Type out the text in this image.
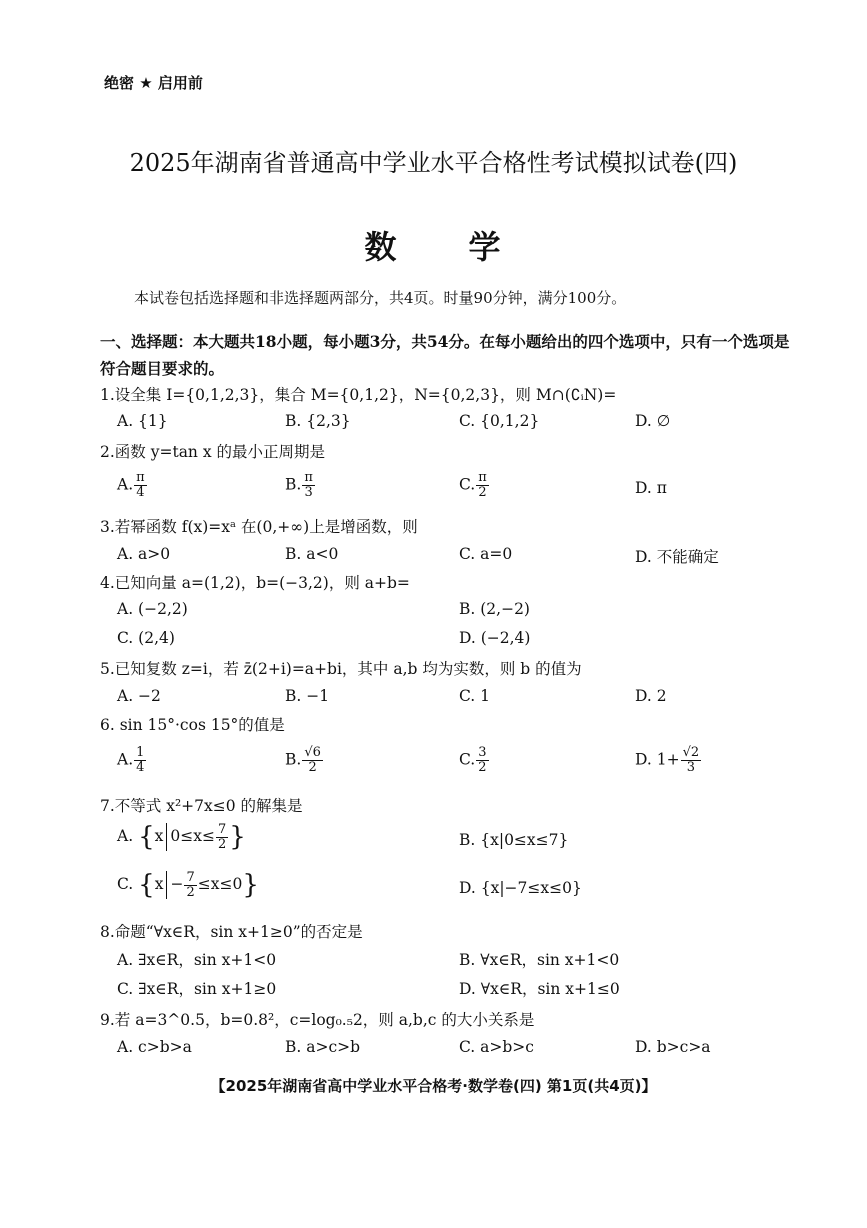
绝密 ★ 启用前
2025年湖南省普通高中学业水平合格性考试模拟试卷(四)
数 学
本试卷包括选择题和非选择题两部分，共4页。时量90分钟，满分100分。
一、选择题：本大题共18小题，每小题3分，共54分。在每小题给出的四个选项中，只有一个选项是符合题目要求的。
1.设全集 I={0,1,2,3}，集合 M={0,1,2}，N={0,2,3}，则 M∩(∁ᵢN)=
A. {1}	B. {2,3}	C. {0,1,2}	D. ∅
2.函数 y=tan x 的最小正周期是
A. $\frac{\pi}{4}$	B. $\frac{\pi}{3}$	C. $\frac{\pi}{2}$	D. π
3.若幂函数 f(x)=xᵃ 在(0,+∞)上是增函数，则
A. a>0	B. a<0	C. a=0	D. 不能确定
4.已知向量 a=(1,2)，b=(−3,2)，则 a+b=
A. (−2,2)	B. (2,−2)
C. (2,4)	D. (−2,4)
5.已知复数 z=i，若 z̄(2+i)=a+bi，其中 a,b 均为实数，则 b 的值为
A. −2	B. −1	C. 1	D. 2
6. sin 15°·cos 15°的值是
A. $\frac{1}{4}$	B. $\frac{√6}{2}$	C. $\frac{3}{2}$	D. $1+ \frac{√2}{3}$
7.不等式 x²+7x≤0 的解集是
A. {x $0\le x\le \frac{7}{2}$ }	B. {x|0≤x≤7}
C. $\{x - \frac{7}{2} \le x\le 0\}$	D. {x|−7≤x≤0}
8.命题“∀x∈R，sin x+1≥0”的否定是
A. ∃x∈R，sin x+1<0	B. ∀x∈R，sin x+1<0
C. ∃x∈R，sin x+1≥0	D. ∀x∈R，sin x+1≤0
9.若 a=3^0.5，b=0.8²，c=log₀.₅2，则 a,b,c 的大小关系是
A. c>b>a	B. a>c>b	C. a>b>c	D. b>c>a
【2025年湖南省高中学业水平合格考·数学卷(四) 第1页(共4页)】
